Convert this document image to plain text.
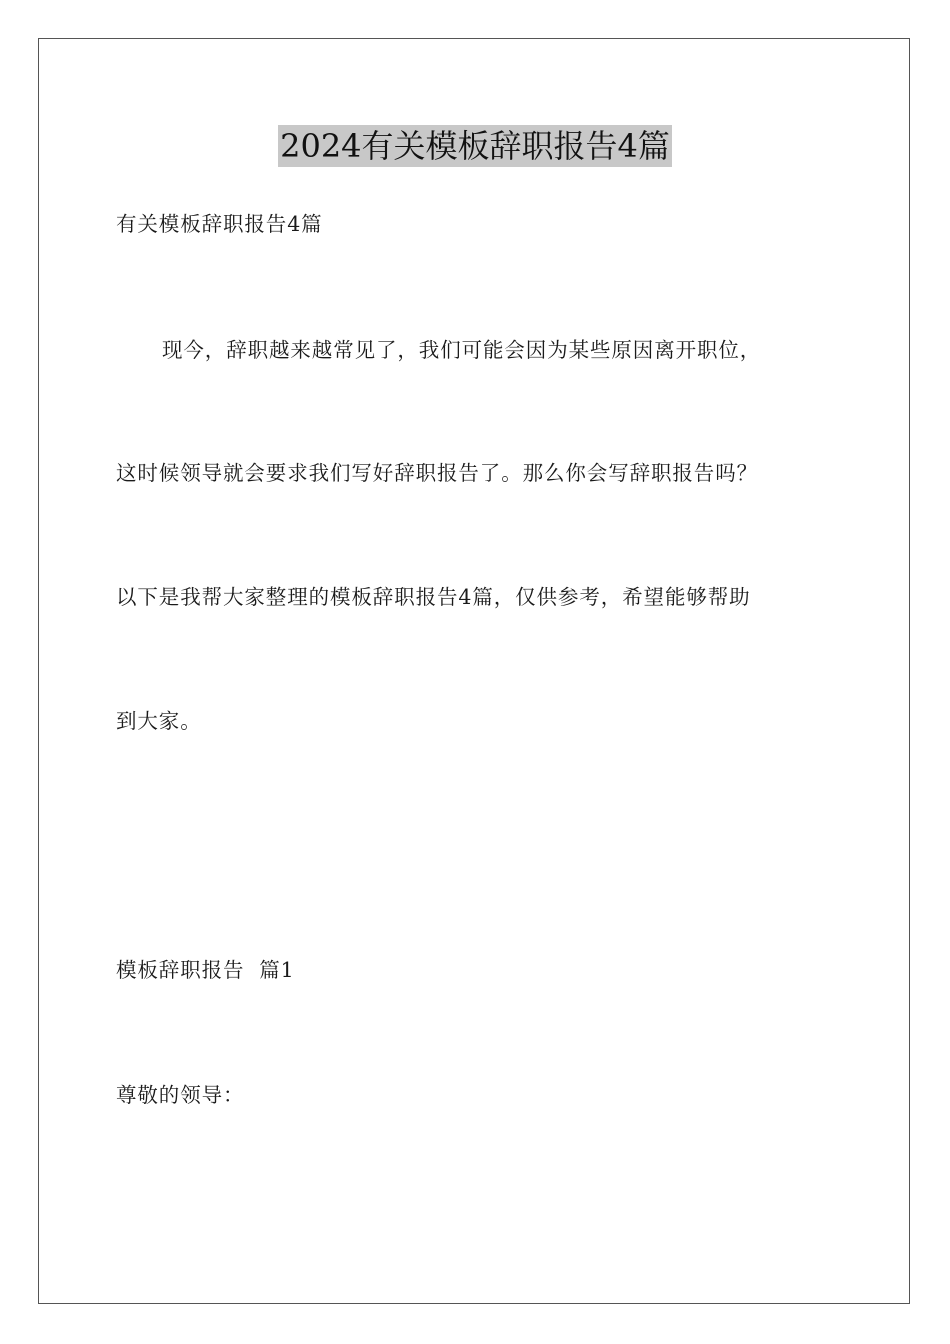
2024有关模板辞职报告4篇
有关模板辞职报告4篇
现今，辞职越来越常见了，我们可能会因为某些原因离开职位，
这时候领导就会要求我们写好辞职报告了。那么你会写辞职报告吗？
以下是我帮大家整理的模板辞职报告4篇，仅供参考，希望能够帮助
到大家。
模板辞职报告  篇1
尊敬的领导：
